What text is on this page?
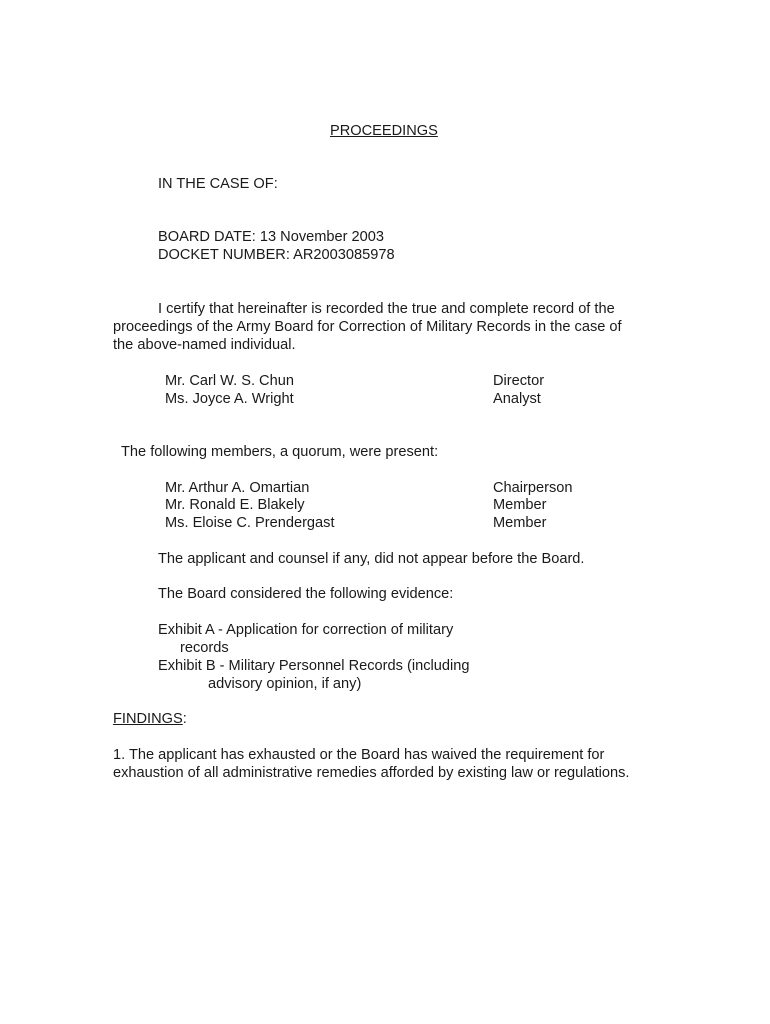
PROCEEDINGS

IN THE CASE OF:

BOARD DATE: 13 November 2003

DOCKET NUMBER: AR2003085978

I certify that hereinafter is recorded the true and complete record of the

proceedings of the Army Board for Correction of Military Records in the case of

the above-named individual.

Mr. Carl W. S. Chun	Director

Ms. Joyce A. Wright	Analyst

The following members, a quorum, were present:

Mr. Arthur A. Omartian	Chairperson

Mr. Ronald E. Blakely	Member

Ms. Eloise C. Prendergast	Member

The applicant and counsel if any, did not appear before the Board.

The Board considered the following evidence:

Exhibit A - Application for correction of military

records

Exhibit B - Military Personnel Records (including

advisory opinion, if any)

FINDINGS:

1. The applicant has exhausted or the Board has waived the requirement for

exhaustion of all administrative remedies afforded by existing law or regulations.
